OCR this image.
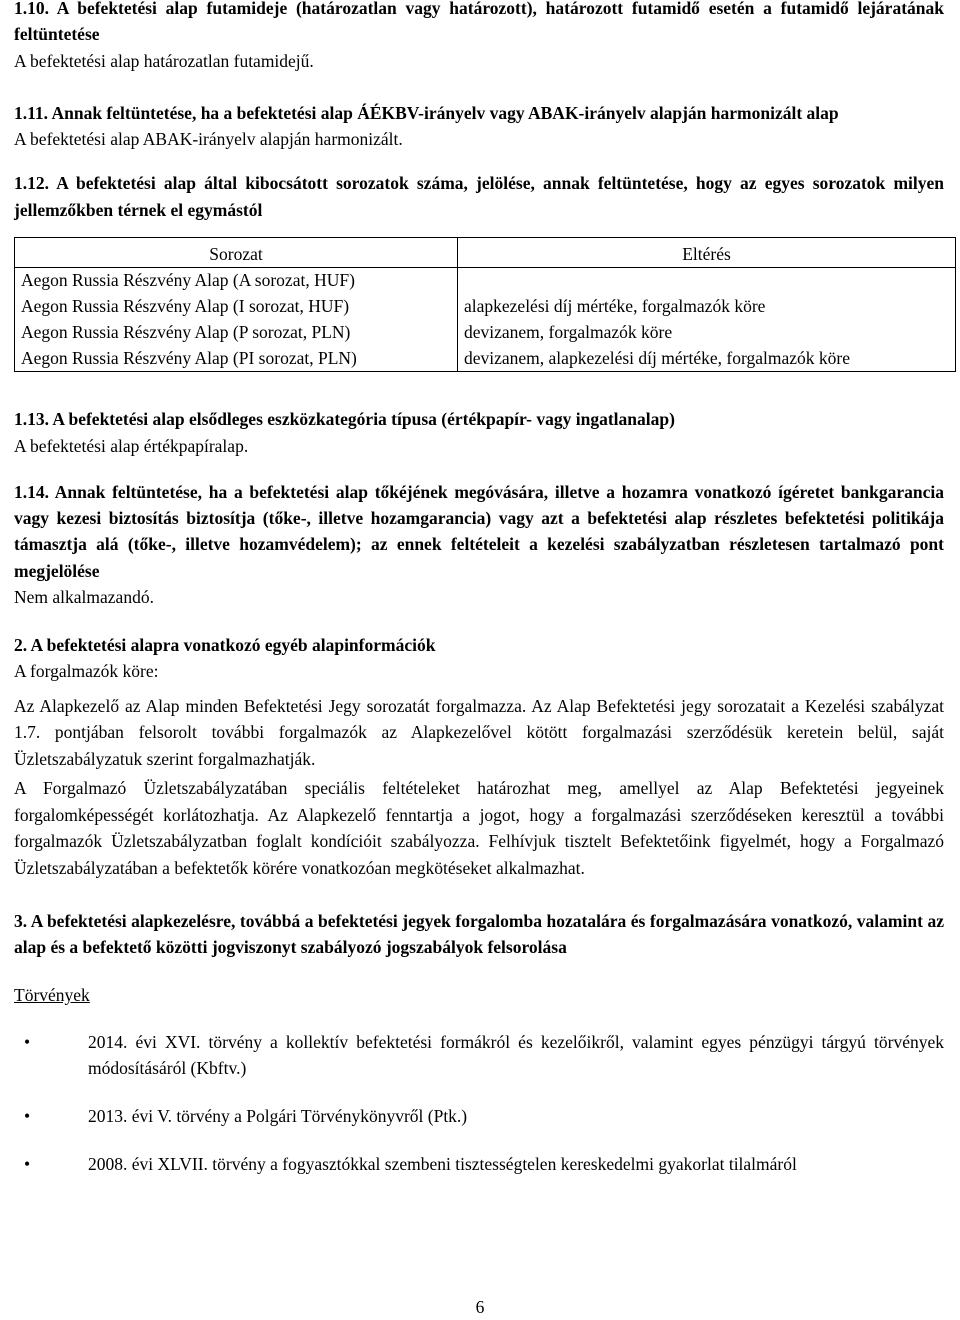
1.10. A befektetési alap futamideje (határozatlan vagy határozott), határozott futamidő esetén a futamidő lejáratának feltüntetése

A befektetési alap határozatlan futamidejű.

1.11. Annak feltüntetése, ha a befektetési alap ÁÉKBV-irányelv vagy ABAK-irányelv alapján harmonizált alap

A befektetési alap ABAK-irányelv alapján harmonizált.

1.12. A befektetési alap által kibocsátott sorozatok száma, jelölése, annak feltüntetése, hogy az egyes sorozatok milyen jellemzőkben térnek el egymástól

Sorozat	Eltérés
Aegon Russia Részvény Alap (A sorozat, HUF)	
Aegon Russia Részvény Alap (I sorozat, HUF)	alapkezelési díj mértéke, forgalmazók köre
Aegon Russia Részvény Alap (P sorozat, PLN)	devizanem, forgalmazók köre
Aegon Russia Részvény Alap (PI sorozat, PLN)	devizanem, alapkezelési díj mértéke, forgalmazók köre

1.13. A befektetési alap elsődleges eszközkategória típusa (értékpapír- vagy ingatlanalap)

A befektetési alap értékpapíralap.

1.14. Annak feltüntetése, ha a befektetési alap tőkéjének megóvására, illetve a hozamra vonatkozó ígéretet bankgarancia vagy kezesi biztosítás biztosítja (tőke-, illetve hozamgarancia) vagy azt a befektetési alap részletes befektetési politikája támasztja alá (tőke-, illetve hozamvédelem); az ennek feltételeit a kezelési szabályzatban részletesen tartalmazó pont megjelölése

Nem alkalmazandó.

2. A befektetési alapra vonatkozó egyéb alapinformációk

A forgalmazók köre:

Az Alapkezelő az Alap minden Befektetési Jegy sorozatát forgalmazza. Az Alap Befektetési jegy sorozatait a Kezelési szabályzat 1.7. pontjában felsorolt további forgalmazók az Alapkezelővel kötött forgalmazási szerződésük keretein belül, saját Üzletszabályzatuk szerint forgalmazhatják.

A Forgalmazó Üzletszabályzatában speciális feltételeket határozhat meg, amellyel az Alap Befektetési jegyeinek forgalomképességét korlátozhatja. Az Alapkezelő fenntartja a jogot, hogy a forgalmazási szerződéseken keresztül a további forgalmazók Üzletszabályzatban foglalt kondícióit szabályozza. Felhívjuk tisztelt Befektetőink figyelmét, hogy a Forgalmazó Üzletszabályzatában a befektetők körére vonatkozóan megkötéseket alkalmazhat.

3. A befektetési alapkezelésre, továbbá a befektetési jegyek forgalomba hozatalára és forgalmazására vonatkozó, valamint az alap és a befektető közötti jogviszonyt szabályozó jogszabályok felsorolása

Törvények

•	2014. évi XVI. törvény a kollektív befektetési formákról és kezelőikről, valamint egyes pénzügyi tárgyú törvények módosításáról (Kbftv.)
•	2013. évi V. törvény a Polgári Törvénykönyvről (Ptk.)
•	2008. évi XLVII. törvény a fogyasztókkal szembeni tisztességtelen kereskedelmi gyakorlat tilalmáról
6
